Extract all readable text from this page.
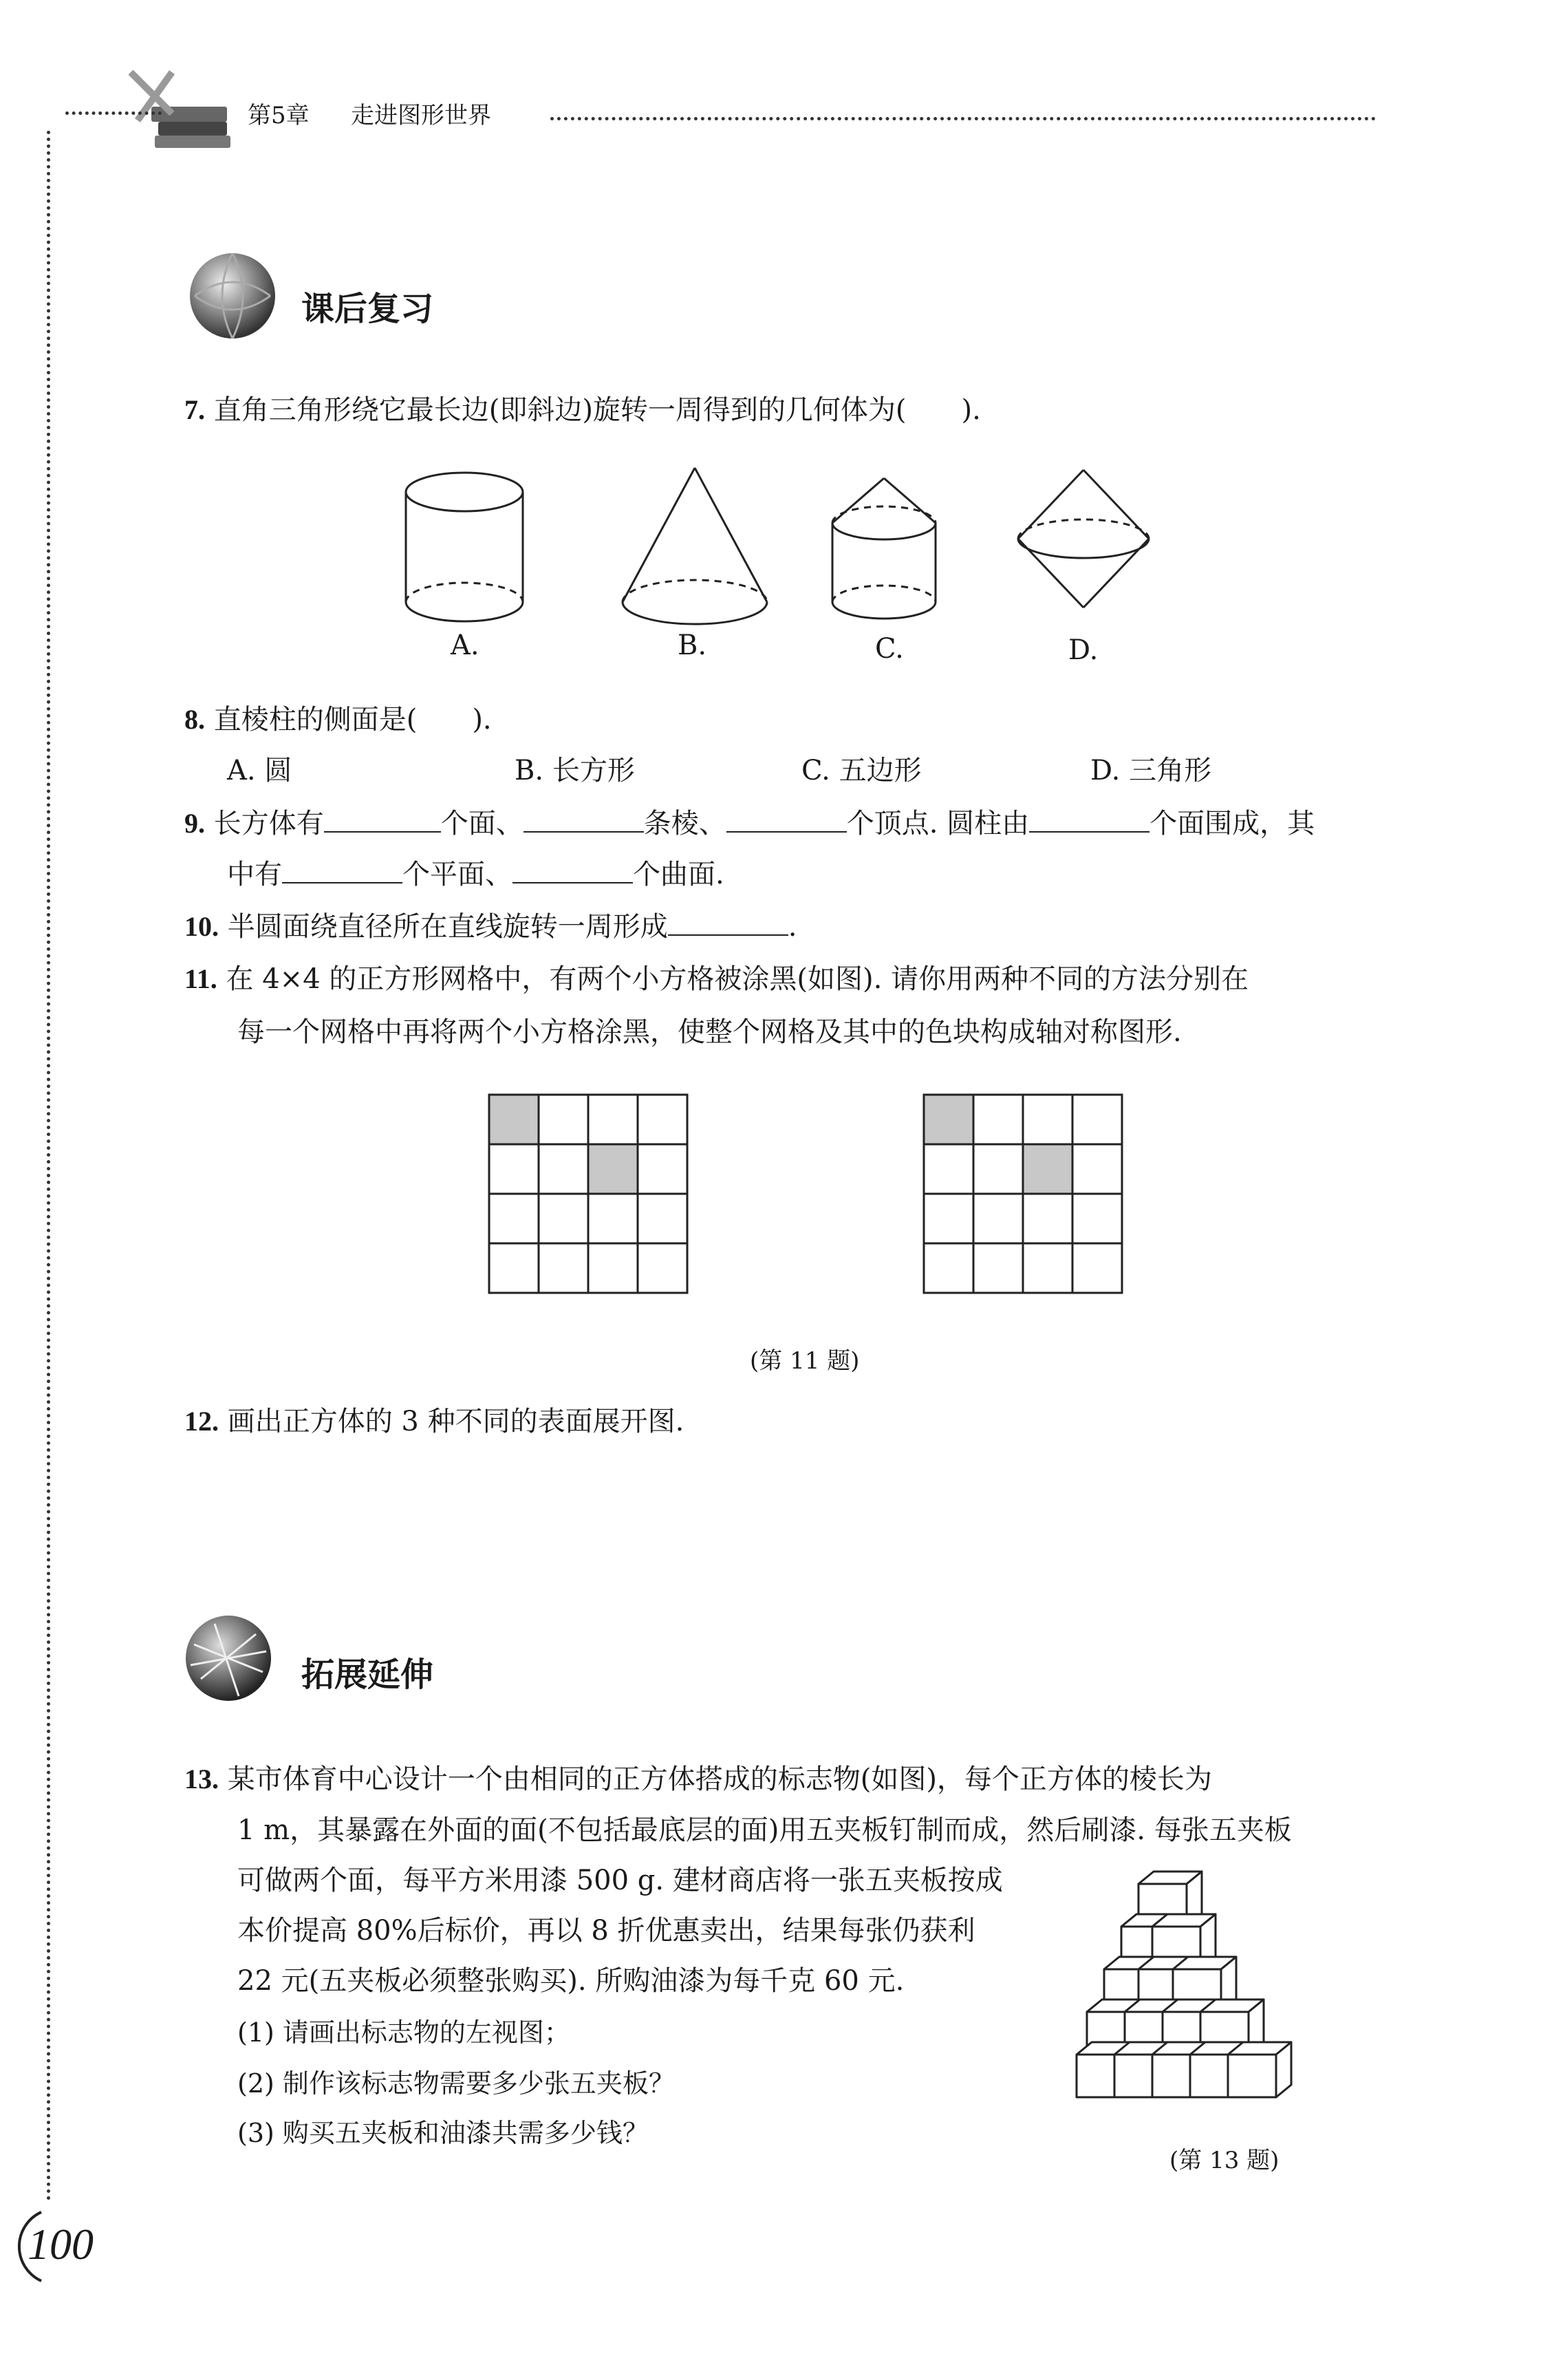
第5章 走进图形世界
课后复习
7. 直角三角形绕它最长边(即斜边)旋转一周得到的几何体为(　　).
A.	B.	C.	D.
8. 直棱柱的侧面是(　　).
A. 圆	B. 长方形	C. 五边形	D. 三角形
9. 长方体有	个面、	条棱、	个顶点. 圆柱由	个面围成，其
中有	个平面、	个曲面.
10. 半圆面绕直径所在直线旋转一周形成	.
11. 在 4×4 的正方形网格中，有两个小方格被涂黑(如图). 请你用两种不同的方法分别在
每一个网格中再将两个小方格涂黑，使整个网格及其中的色块构成轴对称图形.
(第 11 题)
12. 画出正方体的 3 种不同的表面展开图.
拓展延伸
13. 某市体育中心设计一个由相同的正方体搭成的标志物(如图)，每个正方体的棱长为
1 m，其暴露在外面的面(不包括最底层的面)用五夹板钉制而成，然后刷漆. 每张五夹板
可做两个面，每平方米用漆 500 g. 建材商店将一张五夹板按成
本价提高 80%后标价，再以 8 折优惠卖出，结果每张仍获利
22 元(五夹板必须整张购买). 所购油漆为每千克 60 元.
(1) 请画出标志物的左视图；
(2) 制作该标志物需要多少张五夹板？
(3) 购买五夹板和油漆共需多少钱？
(第 13 题)
100
